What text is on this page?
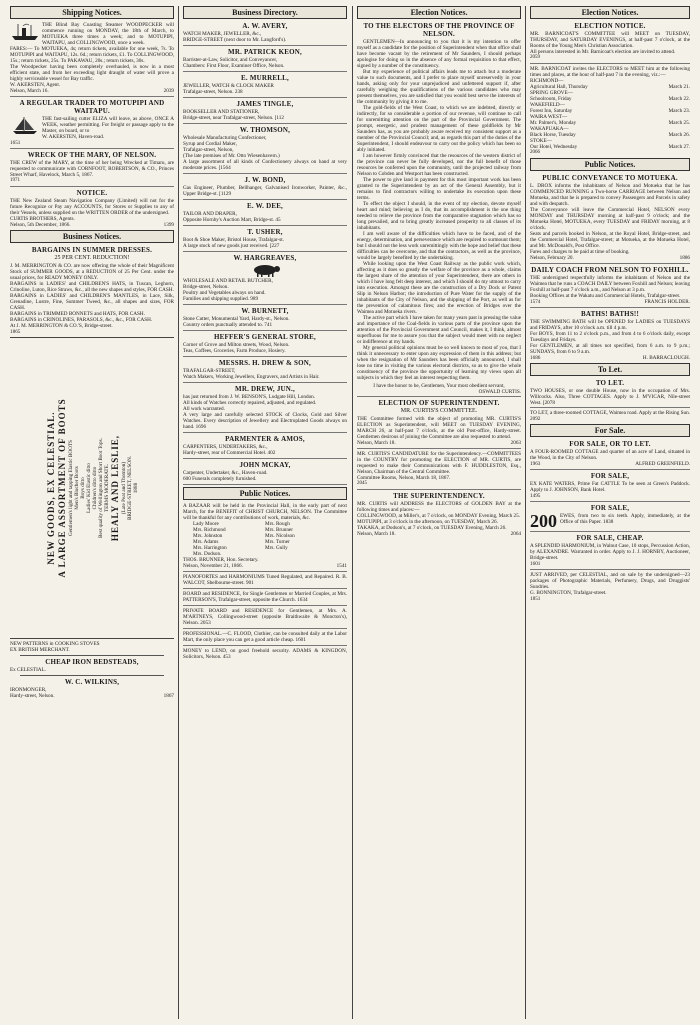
Shipping Notices.

THE Blind Bay Coasting Steamer WOODPECKER will commence running on MONDAY, the 18th of March, to MOTUEKA three times a week; and to MOTUPIPI, WAITAPU, and COLLINGWOOD, once a week.

FARES:— To MOTUEKA, 4s; return tickets, available for one week, 7s. To MOTUPIPI and WAITAPU, 12s. 6d.; return tickets, £1. To COLLINGWOOD, 15s.; return tickets, 25s. To PAKAWAU, 20s.; return tickets, 30s.

The Woodpecker having been completely overhauled, is now in a most efficient state, and from her exceeding light draught of water will prove a highly serviceable vessel for Bay traffic.

W. AKERSTEN, Agent.

Nelson, March 16.	2039
A REGULAR TRADER TO MOTUPIPI AND WAITAPU.

THE fast-sailing cutter ELIZA will leave, as above, ONCE A WEEK, weather permitting. For freight or passage apply to the Master, on board, or to

W. AKERSTEN, Haven-road.

1651

WRECK OF THE MARY, OF NELSON.

THE CREW of the MARY, at the time of her being Wrecked at Timaru, are requested to communicate with CORNFOOT, ROBERTSON, & CO., Princes Street Wharf, Havelock, March 5, 1867.

1971

NOTICE.

THE New Zealand Steam Navigation Company (Limited) will not for the future Recognize or Pay any ACCOUNTS, for Stores or Supplies to any of their Vessels, unless supplied on the WRITTEN ORDER of the undersigned.

CURTIS BROTHERS, Agents.

Nelson, 5th December, 1866.	1399
Business Notices.
BARGAINS IN SUMMER DRESSES.
25 PER CENT. REDUCTION!

J. M. MERRINGTON & CO. are now offering the whole of their Magnificent Stock of SUMMER GOODS, at a REDUCTION of 25 Per Cent. under the usual prices, for READY MONEY ONLY.

BARGAINS in LADIES' and CHILDREN'S HATS, in Tuscan, Leghorn, Crinoline, Luton, Rice Straws, &c., all the new shapes and styles, FOR CASH.

BARGAINS in LADIES' and CHILDREN'S MANTLES, in Lace, Silk, Grenadine, Lustre, Fine, Summer Tweed, &c., all shapes and sizes, FOR CASH.

BARGAINS in TRIMMED BONNETS and HATS, FOR CASH.

BARGAINS in CRINOLINES, PARASOLS, &c., &c., FOR CASH.

At J. M. MERRINGTON & CO.'S, Bridge-street.

1865

NEW GOODS, EX CELESTIAL. A LARGE ASSORTMENT OF BOOTS Gentlemen's light and tapping Elastic BOOTS Men's Blucher Boots Boys ditto Ladies' Kid Elastic ditto Children's ditto ditto Best quality of Wellington and Short Boot Tops. TERMS MODERATE. HEALY AND LESLIE, (Late Peat and Thornton) BRIDGE-STREET, NELSON. 1888

NEW PATTERNS in COOKING STOVES

EX BRITISH MERCHANT.

CHEAP IRON BEDSTEADS,

Ex CELESTIAL.

W. C. WILKINS,

IRONMONGER,

Hardy-street, Nelson.	1867
Business Directory.
A. W. AVERY,

WATCH MAKER, JEWELLER, &c.,

BRIDGE-STREET (next door to Mr. Langford's).

MR. PATRICK KEON,

Barrister-at-Law, Solicitor, and Conveyancer,

Chambers: First Floor, Examiner Office, Nelson.

E. MURRELL,

JEWELLER, WATCH & CLOCK MAKER

Trafalgar-street, Nelson. 238

JAMES TINGLE,

BOOKSELLER AND STATIONER,

Bridge-street, near Trafalgar-street, Nelson. [112

W. THOMSON,

Wholesale Manufacturing Confectioner,

Syrup and Cordial Maker,

Trafalgar-street, Nelson,

(The late premises of Mr. Otto Wiesenhavern.)

A large assortment of all kinds of Confectionery always on hand at very moderate prices. [1564

J. W. BOND,

Gas Engineer, Plumber, Bellhanger, Galvanised Ironworker, Painter, &c., Upper Bridge-st. [1129

E. W. DEE,

TAILOR AND DRAPER,

Opposite Hornby's Auction Mart, Bridge-st. 45

T. USHER,

Boot & Shoe Maker, Bristol House, Trafalgar-st.

A large stock of new goods just received. [227

W. HARGREAVES,

WHOLESALE AND RETAIL BUTCHER,

Bridge-street, Nelson.

Poultry and Vegetables always on hand.

Families and shipping supplied. 989

W. BURNETT,

Stone Cutter, Monumental Yard, Hardy-st., Nelson.

Country orders punctually attended to. 741

HEFFER'S GENERAL STORE,

Corner of Grove and Milton streets, Wood, Nelson.

Teas, Coffees, Groceries, Farm Produce, Hosiery.

MESSRS. H. DREW & SON,

TRAFALGAR-STREET,

Watch Makers, Working Jewellers, Engravers, and Artists in Hair.

MR. DREW, JUN.,

has just returned from J. W. BENSON'S, Ludgate Hill, London.

All kinds of Watches correctly repaired, adjusted, and regulated.

All work warranted.

A very large and carefully selected STOCK of Clocks, Gold and Silver Watches. Every description of Jewellery and Electroplated Goods always on hand. 1696

PARMENTER & AMOS,

CARPENTERS, UNDERTAKERS, &c.,

Hardy-street, rear of Commercial Hotel. 402

JOHN MCKAY,

Carpenter, Undertaker, &c., Haven-road.

600 Funerals completely furnished.

Public Notices.

A BAZAAR will be held in the Provincial Hall, in the early part of next March, for the BENEFIT of CHRIST CHURCH, NELSON. The Committee will be thankful for any contributions of work, materials, &c.

Lady Moore	Mrs. Rough
Mrs. Richmond	Mrs. Brunner
Mrs. Johnston	Mrs. Nicolson
Mrs. Adams	Mrs. Turner
Mrs. Harrington	Mrs. Gully
Mrs. Dodson.

THOS. BRUNNER, Hon. Secretary.

Nelson, November 21, 1866.	1541

PIANOFORTES and HARMONIUMS Tuned Regulated, and Repaired. R. B. WALCOT, Shelbourne-street. 901

BOARD and RESIDENCE, for Single Gentlemen or Married Couples, at Mrs. PATTERSON'S, Trafalgar-street, opposite the Church. 1634

PRIVATE BOARD and RESIDENCE for Gentlemen, at Mrs. A. M'ARTNEYS, Collingwood-street (opposite Braithwaite & Moncton's), Nelson. 2053

PROFESSIONAL.—C. FLOOD, Clothier, can be consulted daily at the Labor Mart, the only place you can get a good article cheap. 1601

MONEY to LEND, on good freehold security. ADAMS & KINGDON, Solicitors, Nelson. 453

Election Notices.
TO THE ELECTORS OF THE PROVINCE OF NELSON.

GENTLEMEN—In announcing to you that it is my intention to offer myself as a candidate for the position of Superintendent when that office shall have become vacant by the retirement of Mr Saunders, I should perhaps apologise for doing so in the absence of any formal requisition to that effect, signed by a number of the constituency.

But my experience of political affairs leads me to attach but a moderate value to such documents, and I prefer to place myself unreservedly in your hands, asking only for your unprejudiced and unfettered support if, after carefully weighing the qualifications of the various candidates who may present themselves, you are satisfied that you would best serve the interests of the community by giving it to me.

The gold-fields of the West Coast, to which we are indebted, directly or indirectly, for so considerable a portion of our revenue, will continue to call for unremitting attention on the part of the Provincial Government. The prompt, energetic, and prudent management of these goldfields by Mr Saunders has, as you are probably aware received my consistent support as a member of the Provincial Council; and, as regards this part of the duties of the Superintendent, I should endeavour to carry out the policy which has been so ably initiated.

I am however firmly convinced that the resources of the western district of the province can never be fully developed, nor the full benefit of those resources be conferred upon the community, until the projected railway from Nelson to Cobden and Westport has been constructed.

The power to give land in payment for this most important work has been granted to the Superintendent by an act of the General Assembly, but it remains to find contractors willing to undertake its execution upon these terms.

To effect the object I should, in the event of my election, devote myself heart and mind; believing as I do, that its accomplishment is the one thing needed to relieve the province from the comparative stagnation which has so long prevailed, and to bring greatly increased prosperity to all classes of its inhabitants.

I am well aware of the difficulties which have to be faced, and of the energy, determination, and perseverance which are required to surmount them; but I should not the less work unremittingly with the hope and belief that these difficulties can be overcome, and that the contractors, as well as the province, would be largely benefited by the undertaking.

While looking upon the West Coast Railway as the public work which, affecting as it does so greatly the welfare of the province as a whole, claims the largest share of the attention of your Superintendent, there are others in which I have long felt deep interest, and which I should do my utmost to carry into execution. Amongst these are the construction of a Dry Dock or Patent Slip in Nelson Harbor; the introduction of Pure Water for the supply of the inhabitants of the City of Nelson, and the shipping of the Port, as well as for the prevention of calamitous fires; and the erection of Bridges over the Waimea and Motueka rivers.

The active part which I have taken for many years past in pressing the value and importance of the Coal-fields in various parts of the province upon the attention of the Provincial Government and Council, makes it, I think, almost superfluous for me to assure you that the subject would meet with no neglect or indifference at my hands.

My general political opinions must be so well known to most of you, that I think it unnecessary to enter upon any expression of them in this address; but when the resignation of Mr Saunders has been officially announced, I shall lose no time in visiting the various electoral districts, so as to give the whole constituency of the province the opportunity of learning my views upon all subjects in which they feel an interest respecting them.

I have the honor to be, Gentlemen, Your most obedient servant,

OSWALD CURTIS.

ELECTION OF SUPERINTENDENT.
MR. CURTIS'S COMMITTEE.

THE Committee formed with the object of promoting MR. CURTIS'S ELECTION as Superintendent, will MEET on TUESDAY EVENING, MARCH 26, at half-past 7 o'clock, at the old Post-office, Hardy-street. Gentlemen desirous of joining the Committee are also requested to attend.

Nelson, March 18.	2063

MR. CURTIS'S CANDIDATURE for the Superintendency.—COMMITTEES in the COUNTRY for promoting the ELECTION of MR. CURTIS, are requested to make their Communications with F. HUDDLESTON, Esq., Nelson, Chairman of the Central Committee.

Committee Rooms, Nelson, March 18, 1867.

2045

THE SUPERINTENDENCY.

MR. CURTIS will ADDRESS the ELECTORS of GOLDEN BAY at the following times and places:—

COLLINGWOOD, at Miller's, at 7 o'clock, on MONDAY Evening, March 25.

MOTUPIPI, at 3 o'clock in the afternoon, on TUESDAY, March 26.

TAKAKA, at Dodson's, at 7 o'clock, on TUESDAY Evening, March 26.

Nelson, March 18.	2064
Election Notices.
ELECTION NOTICE.

MR. BARNICOAT'S COMMITTEE will MEET on TUESDAY, THURSDAY, and SATURDAY EVENINGS, at half-past 7 o'clock, at the Rooms of the Young Men's Christian Association.

All persons interested in Mr. Barnicoat's election are invited to attend.

2059

MR. BARNICOAT invites the ELECTORS to MEET him at the following times and places, at the hour of half-past 7 in the evening, viz.:—

RICHMOND—

Agricultural Hall, Thursday	March 21.

SPRING GROVE—

Schoolroom, Friday	March 22.

WAKEFIELD—

Forest Inn, Saturday	March 23.

WAIRA WEST—

Mr. Palmer's, Monday	March 25.

WAKAPUAKA—

Black Horse, Tuesday	March 26.

STOKE—

Our Hotel, Wednesday	March 27.

2066

Public Notices.
PUBLIC CONVEYANCE TO MOTUEKA.

L. DROX informs the inhabitants of Nelson and Motueka that he has COMMENCED RUNNING a Two-horse CARRIAGE between Nelson and Motueka, and that he is prepared to convey Passengers and Parcels in safety and with despatch.

The Conveyance will leave the Commercial Hotel, NELSON every MONDAY and THURSDAY morning at half-past 9 o'clock; and the Motueka Hotel, MOTUEKA, every TUESDAY and FRIDAY morning, at 8 o'clock.

Seats and parcels booked in Nelson, at the Royal Hotel, Bridge-street, and the Commercial Hotel, Trafalgar-street; at Motueka, at the Motueka Hotel, and Mr. McDonald's, Post Office.

Fares and charges to be paid at time of booking.

Nelson, February 20.	1886
DAILY COACH FROM NELSON TO FOXHILL.

THE undersigned respectfully informs the inhabitants of Nelson and the Waimea that he runs a COACH DAILY between Foxhill and Nelson; leaving Foxhill at half-past 7 o'clock a.m., and Nelson at 3 p.m.

Booking Offices at the Wakatu and Commercial Hotels, Trafalgar-street.

1574	FRANCIS HOLDER.
BATHS! BATHS!!

THE SWIMMING BATH will be OPENED for LADIES on TUESDAYS and FRIDAYS, after 10 o'clock a.m. till 4 p.m.

For BOYS, from 11 to 2 o'clock p.m., and from 4 to 6 o'clock daily, except Tuesdays and Fridays.

For GENTLEMEN, at all times not specified, from 6 a.m. to 9 p.m.; SUNDAYS, from 6 to 9 a.m.

1686	H. BARRACLOUGH.
To Let.
TO LET.

TWO HOUSES, or one double House, now in the occupation of Mrs. Willcocks. Also, Three COTTAGES. Apply to J. M'VICAR, Nile-street West. [2078

TO LET, a three-roomed COTTAGE, Waimea road. Apply at the Rising Sun. 2092

For Sale.
FOR SALE, OR TO LET.

A FOUR-ROOMED COTTAGE and quarter of an acre of Land, situated in the Wood, in the City of Nelson.

1963	ALFRED GREENFIELD.
FOR SALE,

EX KATE WATERS, Prime Fat CATTLE To be seen at Green's Paddock. Apply to J. JOHNSON, Bank Hotel.

1495

FOR SALE,
200 EWES, from two to six teeth. Apply, immediately, at the Office of this Paper. 1838

FOR SALE, CHEAP.

A SPLENDID HARMONIUM, in Walnut Case, 10 stops, Percussion Action, by ALEXANDRE. Warranted in order. Apply to J. J. HORNBY, Auctioneer, Bridge-street.

1601

JUST ARRIVED, per CELESTIAL, and on sale by the undersigned—23 packages of Photographic Materials, Perfumery, Drugs, and Druggists' Sundries.

G. BONNINGTON, Trafalgar-street.

1851
